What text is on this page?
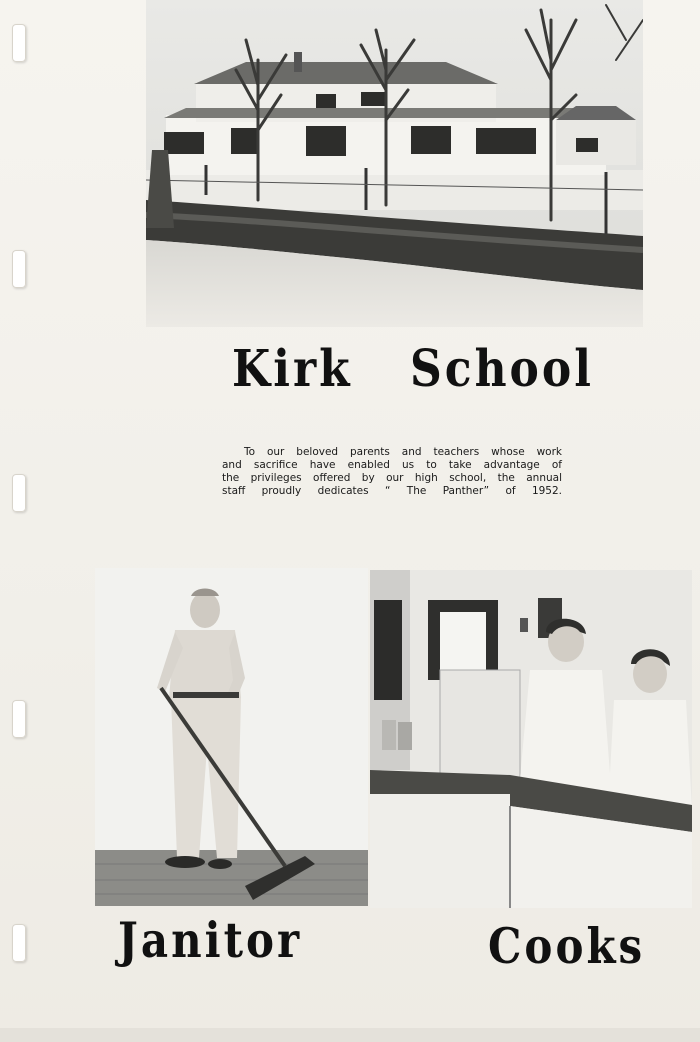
Kirk School
To our beloved parents and teachers whose work
and sacrifice have enabled us to take advantage of
the privileges offered by our high school, the annual
staff proudly dedicates “ The Panther” of 1952.
Janitor	Cooks
